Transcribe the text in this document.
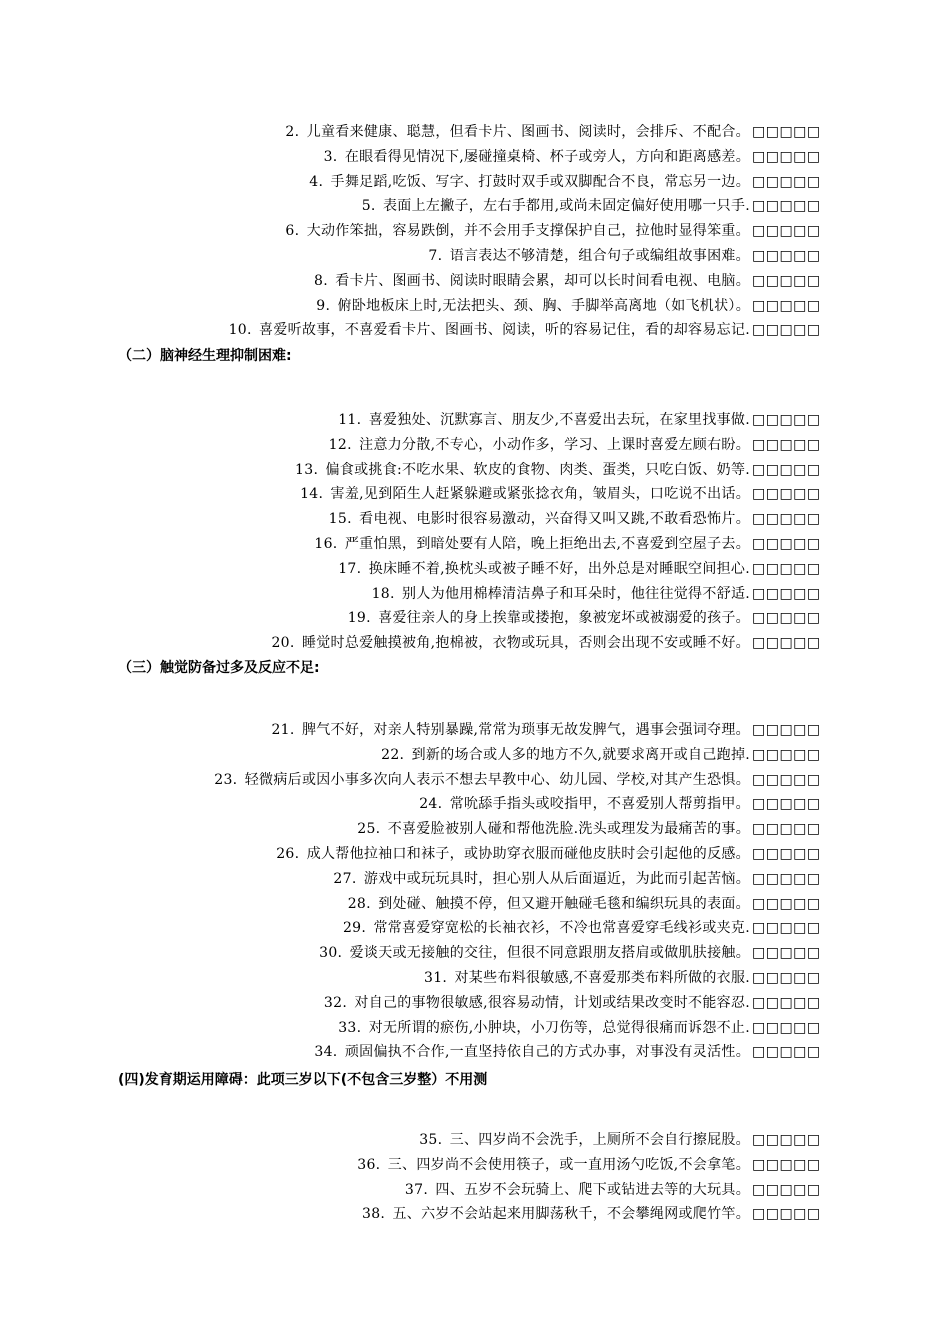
2.  儿童看来健康、聪慧，但看卡片、图画书、阅读时，会排斥、不配合。 □□□□□
3.  在眼看得见情况下,屡碰撞桌椅、杯子或旁人，方向和距离感差。 □□□□□
4.  手舞足蹈,吃饭、写字、打鼓时双手或双脚配合不良，常忘另一边。 □□□□□
5.  表面上左撇子，左右手都用,或尚未固定偏好使用哪一只手. □□□□□
6.  大动作笨拙，容易跌倒，并不会用手支撑保护自己，拉他时显得笨重。 □□□□□
7.  语言表达不够清楚，组合句子或编组故事困难。 □□□□□
8.  看卡片、图画书、阅读时眼睛会累，却可以长时间看电视、电脑。 □□□□□
9.  俯卧地板床上时,无法把头、颈、胸、手脚举高离地（如飞机状）。 □□□□□
10.  喜爱听故事，不喜爱看卡片、图画书、阅读，听的容易记住，看的却容易忘记. □□□□□
（二）脑神经生理抑制困难:
11.  喜爱独处、沉默寡言、朋友少,不喜爱出去玩，在家里找事做. □□□□□
12.  注意力分散,不专心，小动作多，学习、上课时喜爱左顾右盼。 □□□□□
13.  偏食或挑食:不吃水果、软皮的食物、肉类、蛋类，只吃白饭、奶等. □□□□□
14.  害羞,见到陌生人赶紧躲避或紧张捻衣角，皱眉头，口吃说不出话。 □□□□□
15.  看电视、电影时很容易激动，兴奋得又叫又跳,不敢看恐怖片。 □□□□□
16.  严重怕黑，到暗处要有人陪，晚上拒绝出去,不喜爱到空屋子去。 □□□□□
17.  换床睡不着,换枕头或被子睡不好，出外总是对睡眠空间担心. □□□□□
18.  别人为他用棉棒清洁鼻子和耳朵时，他往往觉得不舒适. □□□□□
19.  喜爱往亲人的身上挨靠或搂抱，象被宠坏或被溺爱的孩子。 □□□□□
20.  睡觉时总爱触摸被角,抱棉被，衣物或玩具，否则会出现不安或睡不好。 □□□□□
（三）触觉防备过多及反应不足:
21.  脾气不好，对亲人特别暴躁,常常为琐事无故发脾气，遇事会强词夺理。 □□□□□
22.  到新的场合或人多的地方不久,就要求离开或自己跑掉. □□□□□
23.  轻微病后或因小事多次向人表示不想去早教中心、幼儿园、学校,对其产生恐惧。 □□□□□
24.  常吮舔手指头或咬指甲，不喜爱别人帮剪指甲。 □□□□□
25.  不喜爱脸被别人碰和帮他洗脸.洗头或理发为最痛苦的事。 □□□□□
26.  成人帮他拉袖口和袜子，或协助穿衣服而碰他皮肤时会引起他的反感。 □□□□□
27.  游戏中或玩玩具时，担心别人从后面逼近，为此而引起苦恼。 □□□□□
28.  到处碰、触摸不停，但又避开触碰毛毯和编织玩具的表面。 □□□□□
29.  常常喜爱穿宽松的长袖衣衫，不冷也常喜爱穿毛线衫或夹克. □□□□□
30.  爱谈天或无接触的交往，但很不同意跟朋友搭肩或做肌肤接触。 □□□□□
31.  对某些布料很敏感,不喜爱那类布料所做的衣服. □□□□□
32.  对自己的事物很敏感,很容易动情，计划或结果改变时不能容忍. □□□□□
33.  对无所谓的瘀伤,小肿块，小刀伤等，总觉得很痛而诉怨不止. □□□□□
34.  顽固偏执不合作,一直坚持依自己的方式办事，对事没有灵活性。 □□□□□
(四)发育期运用障碍：此项三岁以下(不包含三岁整）不用测
35.  三、四岁尚不会洗手，上厕所不会自行擦屁股。 □□□□□
36.  三、四岁尚不会使用筷子，或一直用汤勺吃饭,不会拿笔。 □□□□□
37.  四、五岁不会玩骑上、爬下或钻进去等的大玩具。 □□□□□
38.  五、六岁不会站起来用脚荡秋千，不会攀绳网或爬竹竿。 □□□□□
